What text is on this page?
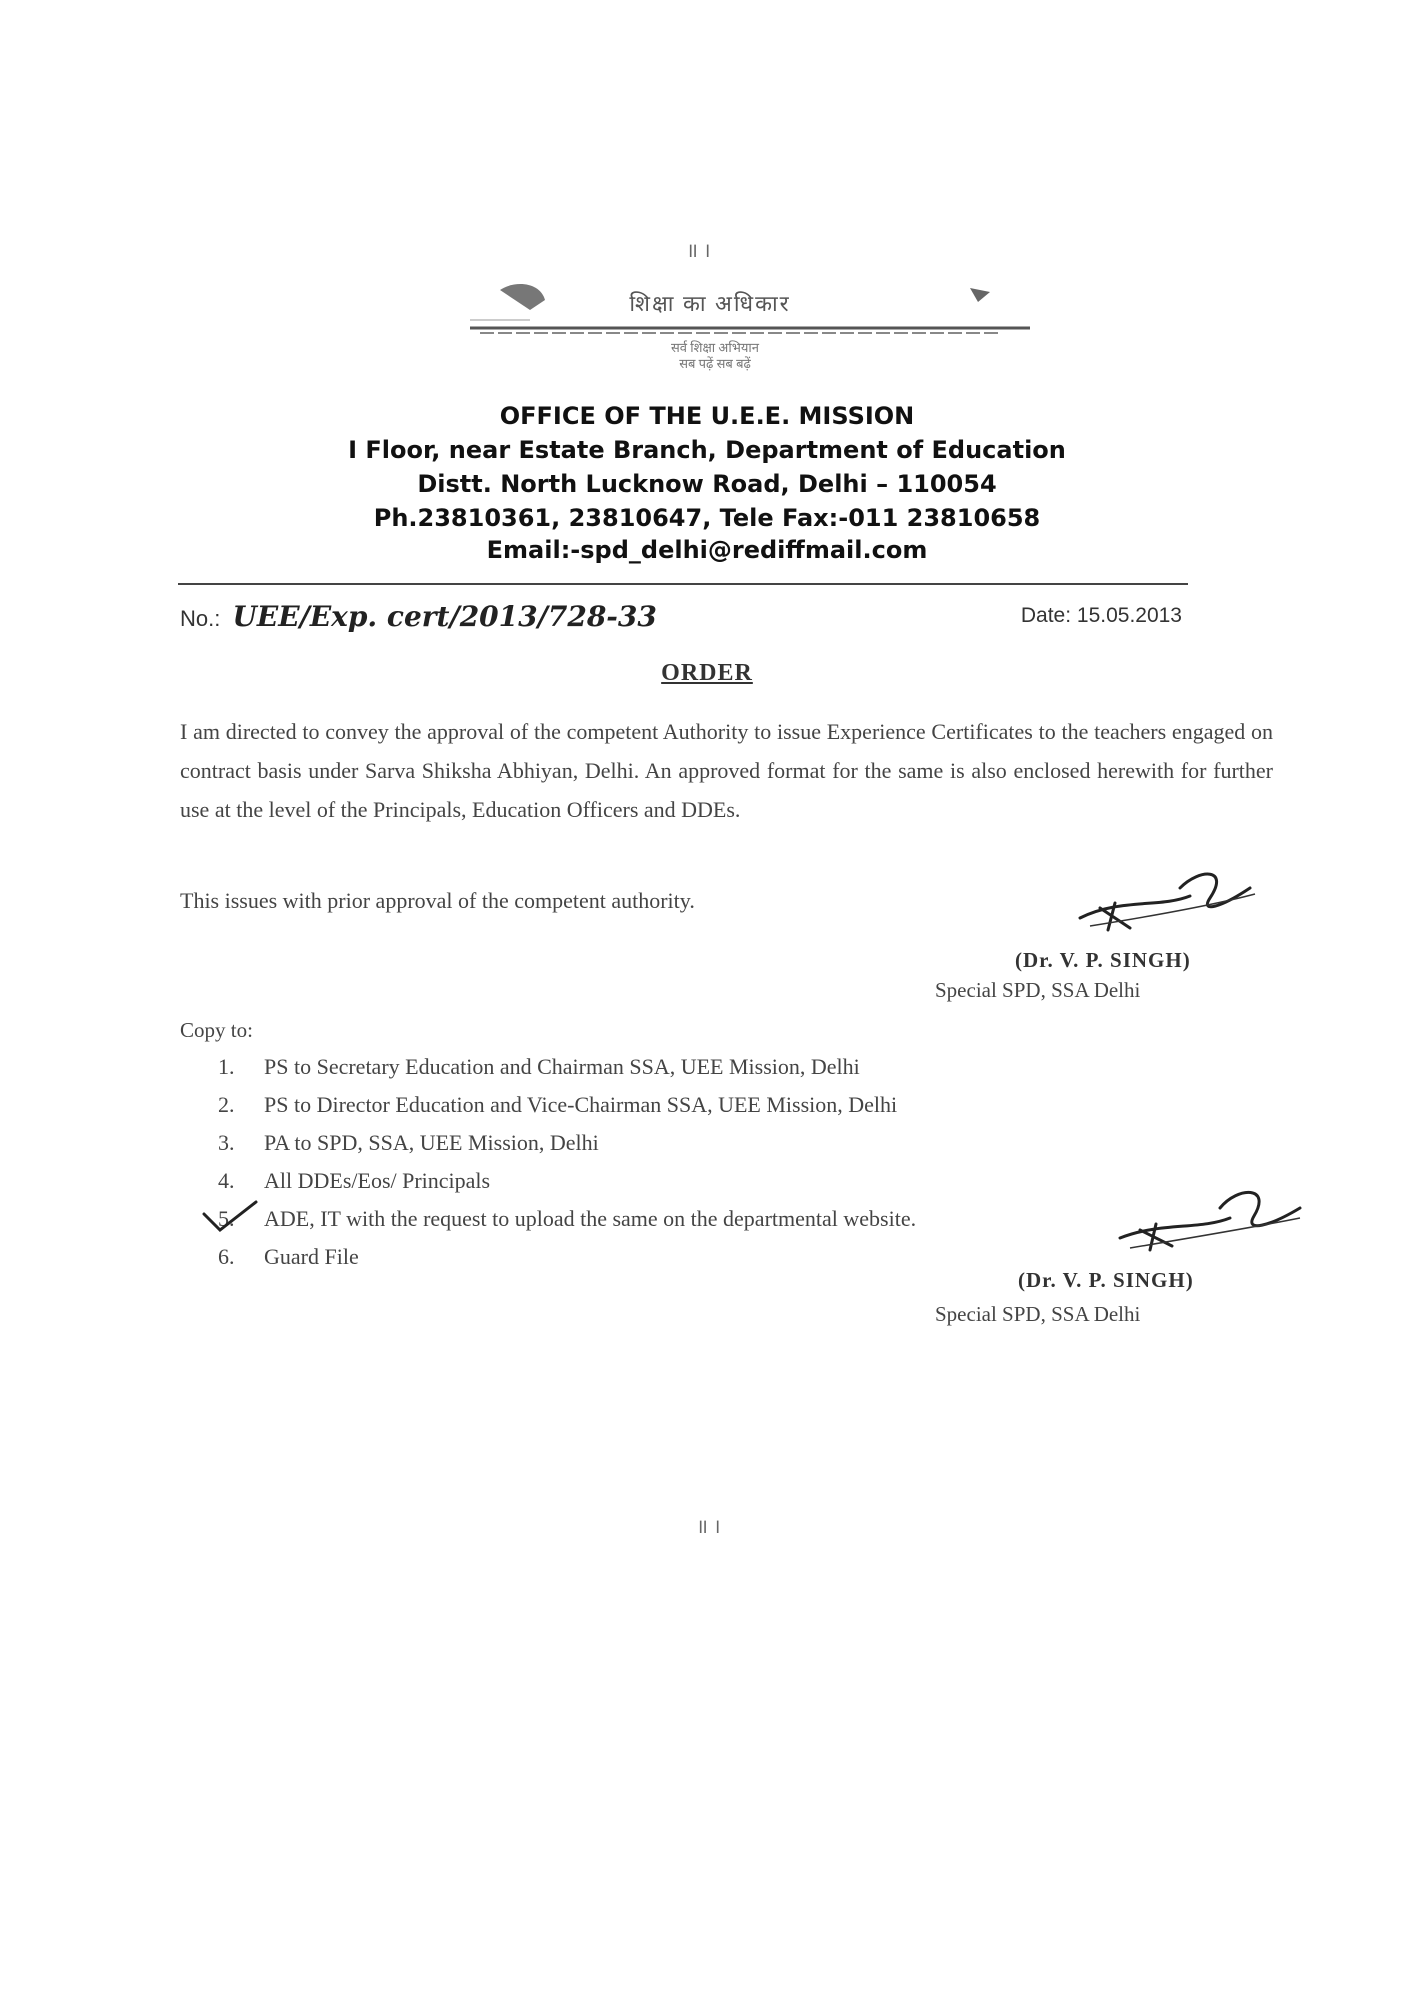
॥ ।
शिक्षा का अधिकार
सर्व शिक्षा अभियान
सब पढ़ें सब बढ़ें
OFFICE OF THE U.E.E. MISSION
I Floor, near Estate Branch, Department of Education
Distt. North Lucknow Road, Delhi – 110054
Ph.23810361, 23810647, Tele Fax:-011 23810658
Email:-spd_delhi@rediffmail.com
No.: UEE/Exp. cert/2013/728-33	Date: 15.05.2013
ORDER
I am directed to convey the approval of the competent Authority to issue Experience Certificates to the teachers engaged on contract basis under Sarva Shiksha Abhiyan, Delhi. An approved format for the same is also enclosed herewith for further use at the level of the Principals, Education Officers and DDEs.
This issues with prior approval of the competent authority.
(Dr. V. P. SINGH)
Special SPD, SSA Delhi
Copy to:
1. PS to Secretary Education and Chairman SSA, UEE Mission, Delhi
2. PS to Director Education and Vice-Chairman SSA, UEE Mission, Delhi
3. PA to SPD, SSA, UEE Mission, Delhi
4. All DDEs/Eos/ Principals
5. ADE, IT with the request to upload the same on the departmental website.
6. Guard File
(Dr. V. P. SINGH)
Special SPD, SSA Delhi
॥ ।
